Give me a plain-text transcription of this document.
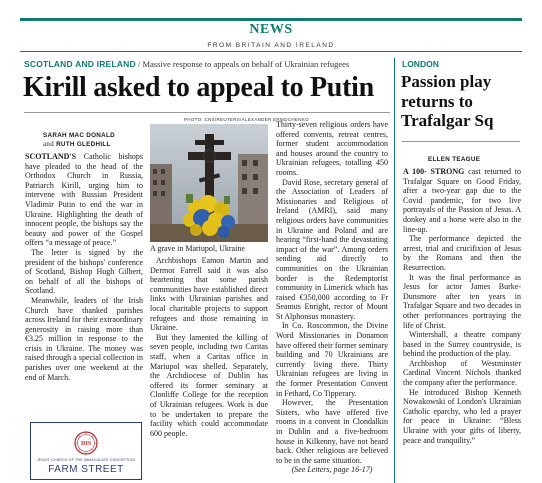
NEWS
FROM BRITAIN AND IRELAND
SCOTLAND AND IRELAND / Massive response to appeals on behalf of Ukrainian refugees
Kirill asked to appeal to Putin
SARAH MAC DONALD
and RUTH GLEDHILL

SCOTLAND'S Catholic bishops have pleaded to the head of the Orthodox Church in Russia, Patriarch Kirill, urging him to intervene with Russian President Vladimir Putin to end the war in Ukraine. Highlighting the death of innocent people, the bishops say the beauty and power of the Gospel offers “a message of peace.”

The letter is signed by the president of the bishops' conference of Scotland, Bishop Hugh Gilbert, on behalf of all the bishops of Scotland.

Meanwhile, leaders of the Irish Church have thanked parishes across Ireland for their extraordinary generosity in raising more than €3.25 million in response to the crisis in Ukraine. The money was raised through a special collection in parishes over one weekend at the end of March.

PHOTO: CNS/REUTERS/ALEXANDER ERMOCHENKO
A grave in Mariupol, Ukraine

Archbishops Eamon Martin and Dermot Farrell said it was also heartening that some parish communities have established direct links with Ukrainian parishes and local charitable projects to support refugees and those remaining in Ukraine.

But they lamented the killing of seven people, including two Caritas staff, when a Caritas office in Mariupol was shelled. Separately, the Archdiocese of Dublin has offered its former seminary at Clonliffe College for the reception of Ukrainian refugees. Work is due to be undertaken to prepare the facility which could accommodate 600 people.

Thirty-seven religious orders have offered convents, retreat centres, former student accommodation and houses around the country to Ukrainian refugees, totalling 450 rooms.

David Rose, secretary general of the Association of Leaders of Missionaries and Religious of Ireland (AMRI), said many religious orders have communities in Ukraine and Poland and are hearing “first-hand the devastating impact of the war”. Among orders sending aid directly to communities on the Ukrainian border is the Redemptorist community in Limerick which has raised €350,000 according to Fr Seamus Enright, rector of Mount St Alphonsus monastery.

In Co. Roscommon, the Divine Word Missionaries in Donamon have offered their former seminary building and 70 Ukrainians are currently living there. Thirty Ukrainian refugees are living in the former Presentation Convent in Fethard, Co Tipperary.

However, the Presentation Sisters, who have offered five rooms in a convent in Clondalkin in Dublin and a five-bedroom house in Kilkenny, have not heard back. Other religious are believed to be in the same situation.

(See Letters, page 16-17)

IHS
JESUIT CHURCH OF THE IMMACULATE CONCEPTION
FARM STREET
LONDON
Passion play returns to Trafalgar Sq
ELLEN TEAGUE

A 100- STRONG cast returned to Trafalgar Square on Good Friday, after a two-year gap due to the Covid pandemic, for two live portrayals of the Passion of Jesus. A donkey and a horse were also in the line-up.

The performance depicted the arrest, trial and crucifixion of Jesus by the Romans and then the Resurrection.

It was the final performance as Jesus for actor James Burke-Dunsmore after ten years in Trafalgar Square and two decades in other performances portraying the life of Christ.

Wintershall, a theatre company based in the Surrey countryside, is behind the production of the play.

Archbishop of Westminster Cardinal Vincent Nichols thanked the company after the performance.

He introduced Bishop Kenneth Nowakowski of London's Ukrainian Catholic eparchy, who led a prayer for peace in Ukraine: “Bless Ukraine with your gifts of liberty, peace and tranquility.”
